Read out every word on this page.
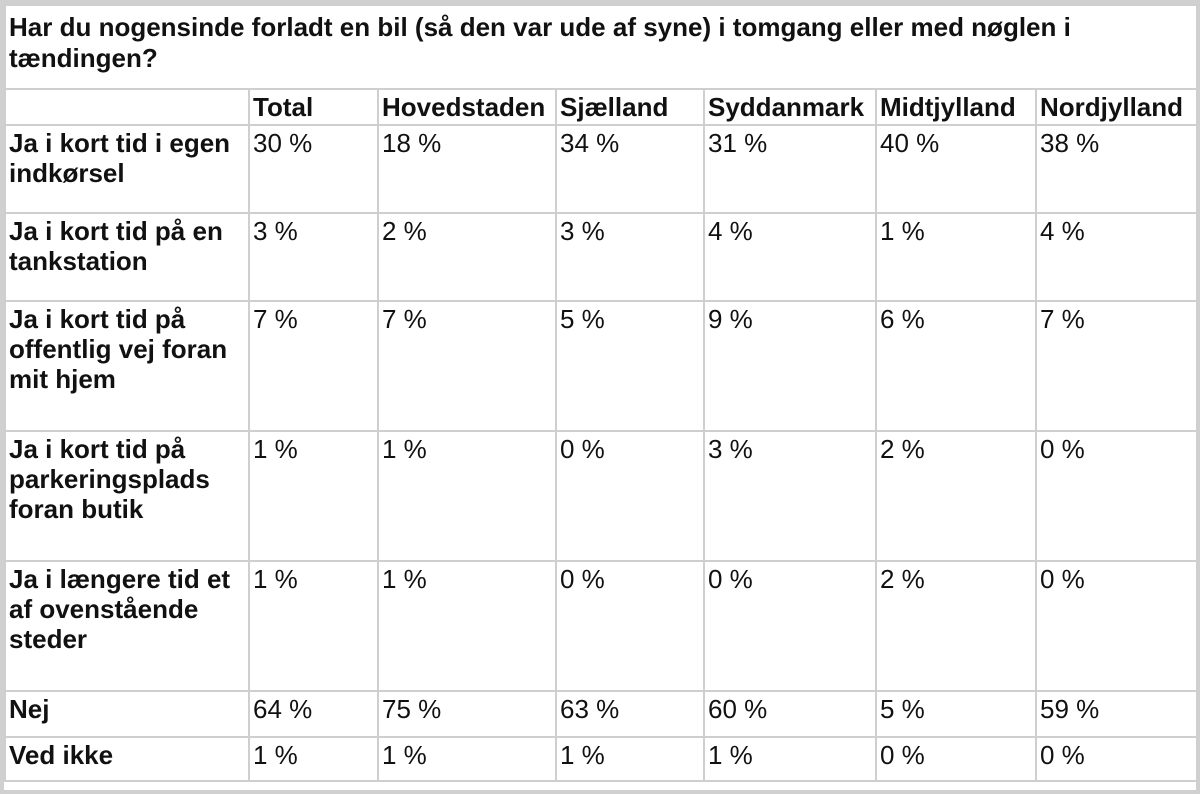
Har du nogensinde forladt en bil (så den var ude af syne) i tomgang eller med nøglen i tændingen?						
	Total	Hovedstaden	Sjælland	Syddanmark	Midtjylland	Nordjylland
Ja i kort tid i egen indkørsel	30 %	18 %	34 %	31 %	40 %	38 %
Ja i kort tid på en tankstation	3 %	2 %	3 %	4 %	1 %	4 %
Ja i kort tid på offentlig vej foran mit hjem	7 %	7 %	5 %	9 %	6 %	7 %
Ja i kort tid på parkeringsplads foran butik	1 %	1 %	0 %	3 %	2 %	0 %
Ja i længere tid et af ovenstående steder	1 %	1 %	0 %	0 %	2 %	0 %
Nej	64 %	75 %	63 %	60 %	5 %	59 %
Ved ikke	1 %	1 %	1 %	1 %	0 %	0 %
